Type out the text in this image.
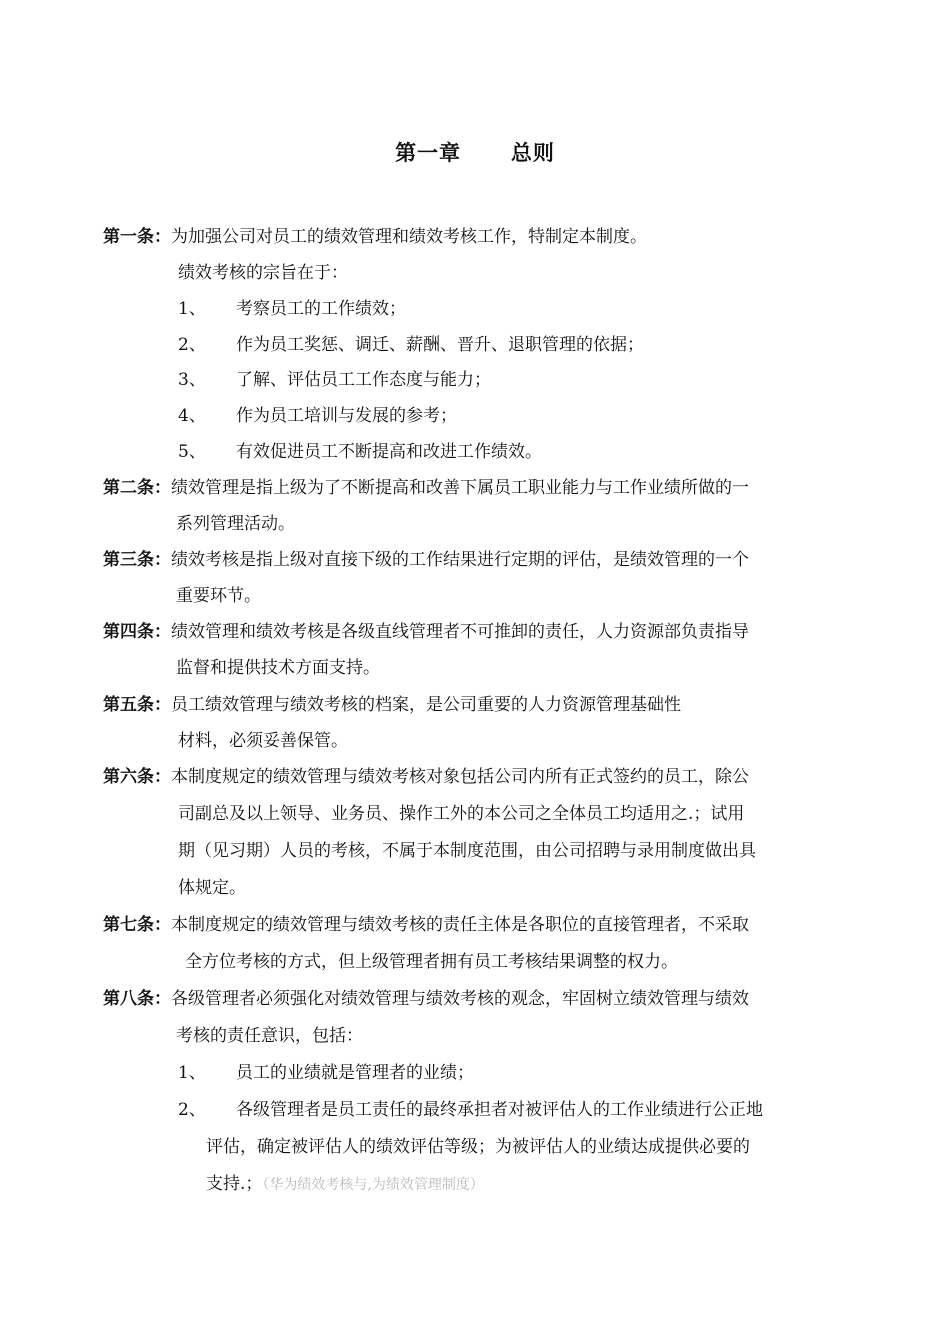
第一章      总则
第一条：为加强公司对员工的绩效管理和绩效考核工作，特制定本制度。
绩效考核的宗旨在于：
1、 考察员工的工作绩效；
2、 作为员工奖惩、调迁、薪酬、晋升、退职管理的依据；
3、 了解、评估员工工作态度与能力；
4、 作为员工培训与发展的参考；
5、 有效促进员工不断提高和改进工作绩效。
第二条：绩效管理是指上级为了不断提高和改善下属员工职业能力与工作业绩所做的一
系列管理活动。
第三条：绩效考核是指上级对直接下级的工作结果进行定期的评估，是绩效管理的一个
重要环节。
第四条：绩效管理和绩效考核是各级直线管理者不可推卸的责任，人力资源部负责指导
监督和提供技术方面支持。
第五条：员工绩效管理与绩效考核的档案，是公司重要的人力资源管理基础性
材料，必须妥善保管。
第六条：本制度规定的绩效管理与绩效考核对象包括公司内所有正式签约的员工，除公
司副总及以上领导、业务员、操作工外的本公司之全体员工均适用之.；试用
期（见习期）人员的考核，不属于本制度范围，由公司招聘与录用制度做出具
体规定。
第七条：本制度规定的绩效管理与绩效考核的责任主体是各职位的直接管理者，不采取
全方位考核的方式，但上级管理者拥有员工考核结果调整的权力。
第八条：各级管理者必须强化对绩效管理与绩效考核的观念，牢固树立绩效管理与绩效
考核的责任意识，包括：
1、 员工的业绩就是管理者的业绩；
2、 各级管理者是员工责任的最终承担者对被评估人的工作业绩进行公正地
评估，确定被评估人的绩效评估等级；为被评估人的业绩达成提供必要的
支持.；（华为绩效考核与,为绩效管理制度）
